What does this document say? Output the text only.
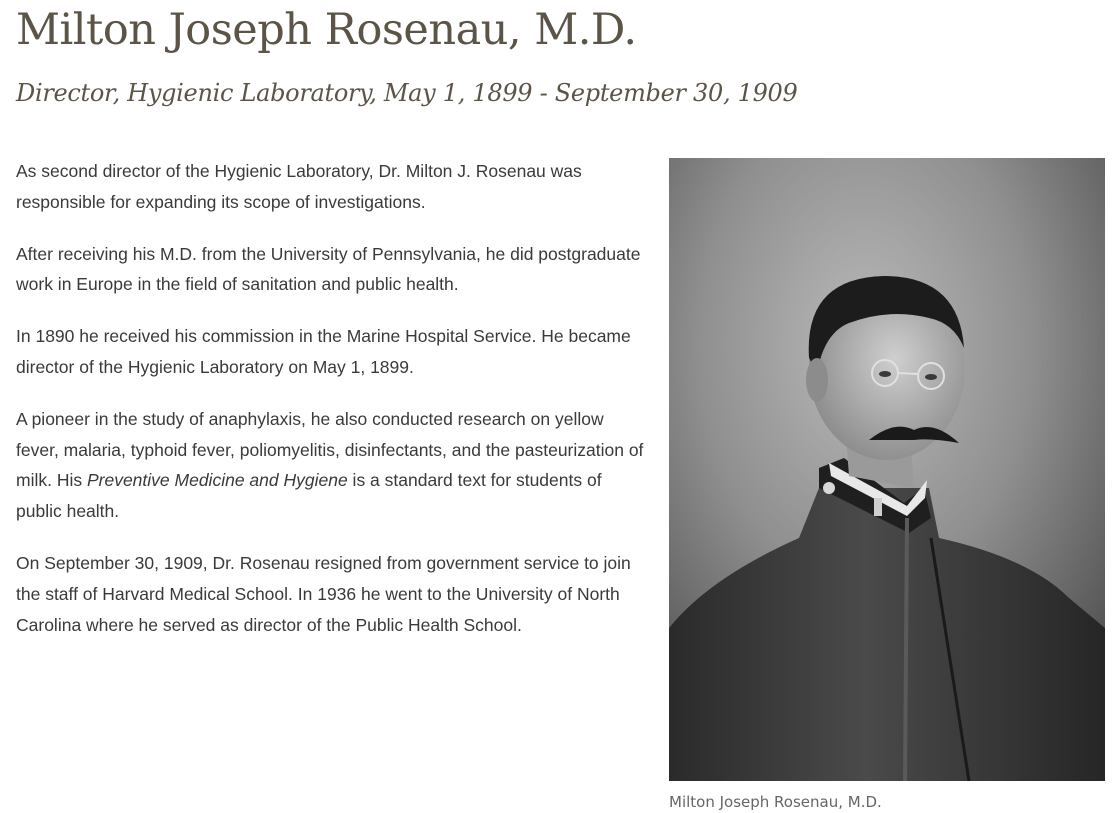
Milton Joseph Rosenau, M.D.
Director, Hygienic Laboratory, May 1, 1899 - September 30, 1909

As second director of the Hygienic Laboratory, Dr. Milton J. Rosenau was responsible for expanding its scope of investigations.

After receiving his M.D. from the University of Pennsylvania, he did postgraduate work in Europe in the field of sanitation and public health.

In 1890 he received his commission in the Marine Hospital Service. He became director of the Hygienic Laboratory on May 1, 1899.

A pioneer in the study of anaphylaxis, he also conducted research on yellow fever, malaria, typhoid fever, poliomyelitis, disinfectants, and the pasteurization of milk. His Preventive Medicine and Hygiene is a standard text for students of public health.

On September 30, 1909, Dr. Rosenau resigned from government service to join the staff of Harvard Medical School. In 1936 he went to the University of North Carolina where he served as director of the Public Health School.

Milton Joseph Rosenau, M.D.
